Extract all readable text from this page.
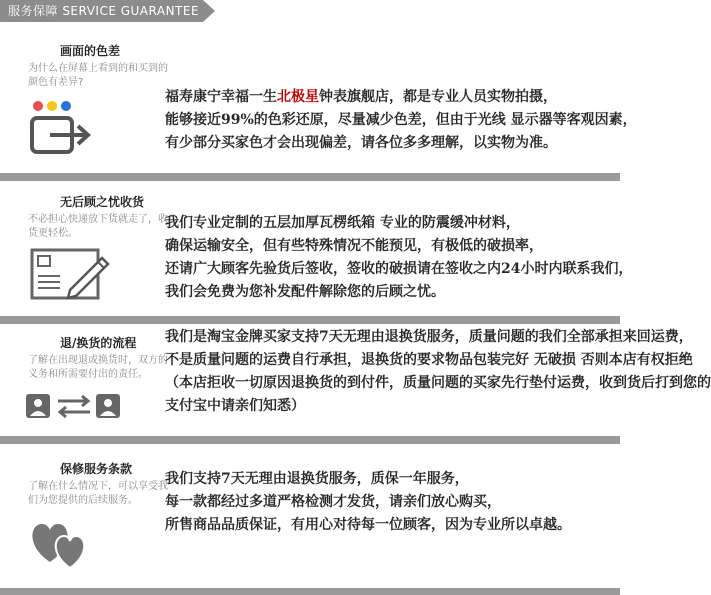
服务保障 SERVICE GUARANTEE
画面的色差
为什么在屏幕上看到的和买到的颜色有差异?
福寿康宁幸福一生北极星钟表旗舰店，都是专业人员实物拍摄，
能够接近99%的色彩还原，尽量减少色差，但由于光线 显示器等客观因素，
有少部分买家色才会出现偏差，请各位多多理解，以实物为准。
无后顾之忧收货
不必担心快递放下货就走了，收货更轻松。
我们专业定制的五层加厚瓦楞纸箱 专业的防震缓冲材料，
确保运输安全，但有些特殊情况不能预见，有极低的破损率，
还请广大顾客先验货后签收，签收的破损请在签收之内24小时内联系我们，
我们会免费为您补发配件解除您的后顾之忧。
退/换货的流程
了解在出现退或换货时，双方的义务和所需要付出的责任。
我们是淘宝金牌买家支持7天无理由退换货服务，质量问题的我们全部承担来回运费，
不是质量问题的运费自行承担，退换货的要求物品包装完好 无破损 否则本店有权拒绝
（本店拒收一切原因退换货的到付件，质量问题的买家先行垫付运费，收到货后打到您的
支付宝中请亲们知悉）
保修服务条款
了解在什么情况下，可以享受我们为您提供的后续服务。
我们支持7天无理由退换货服务，质保一年服务，
每一款都经过多道严格检测才发货，请亲们放心购买，
所售商品品质保证，有用心对待每一位顾客，因为专业所以卓越。
